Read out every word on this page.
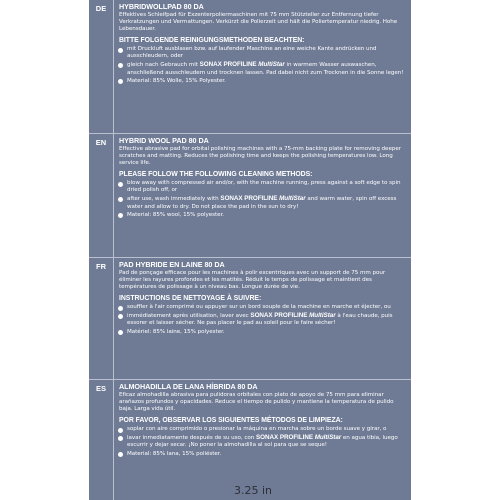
DE	HYBRIDWOLLPAD 80 DA
Effektives Schleifpad für Exzenterpoliermaschinen mit 75 mm Stützteller zur Entfernung tiefer Verkratzungen und Vermattungen. Verkürzt die Polierzeit und hält die Poliertemperatur niedrig. Hohe Lebensdauer.
BITTE FOLGENDE REINIGUNGSMETHODEN BEACHTEN:
mit Druckluft ausblasen bzw. auf laufender Maschine an eine weiche Kante andrücken und ausschleudern, oder
gleich nach Gebrauch mit SONAX PROFILINE MultiStar in warmem Wasser auswaschen, anschließend ausschleudern und trocknen lassen. Pad dabei nicht zum Trocknen in die Sonne legen!
Material: 85% Wolle, 15% Polyester.
EN	HYBRID WOOL PAD 80 DA
Effective abrasive pad for orbital polishing machines with a 75-mm backing plate for removing deeper scratches and matting. Reduces the polishing time and keeps the polishing temperatures low. Long service life.
PLEASE FOLLOW THE FOLLOWING CLEANING METHODS:
blow away with compressed air and/or, with the machine running, press against a soft edge to spin dried polish off, or
after use, wash immediately with SONAX PROFILINE MultiStar and warm water, spin off excess water and allow to dry. Do not place the pad in the sun to dry!
Material: 85% wool, 15% polyester.
FR	PAD HYBRIDE EN LAINE 80 DA
Pad de ponçage efficace pour les machines à polir excentriques avec un support de 75 mm pour éliminer les rayures profondes et les matités. Réduit le temps de polissage et maintient des températures de polissage à un niveau bas. Longue durée de vie.
INSTRUCTIONS DE NETTOYAGE À SUIVRE:
souffler à l'air comprimé ou appuyer sur un bord souple de la machine en marche et éjecter, ou
immédiatement après utilisation, laver avec SONAX PROFILINE MultiStar à l'eau chaude, puis essorer et laisser sécher. Ne pas placer le pad au soleil pour le faire sécher!
Matériel: 85% laine, 15% polyester.
ES	ALMOHADILLA DE LANA HÍBRIDA 80 DA
Eficaz almohadilla abrasiva para pulidoras orbitales con plato de apoyo de 75 mm para eliminar arañazos profundos y opacidades. Reduce el tiempo de pulido y mantiene la temperatura de pulido baja. Larga vida útil.
POR FAVOR, OBSERVAR LOS SIGUIENTES MÉTODOS DE LIMPIEZA:
soplar con aire comprimido o presionar la máquina en marcha sobre un borde suave y girar, o
lavar inmediatamente después de su uso, con SONAX PROFILINE MultiStar en agua tibia, luego escurrir y dejar secar. ¡No poner la almohadilla al sol para que se seque!
Material: 85% lana, 15% poliéster.
3.25 in
